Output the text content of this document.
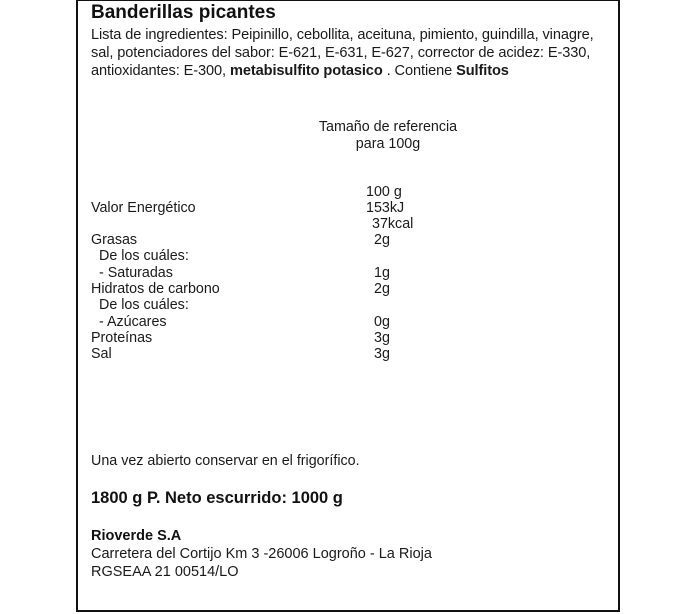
Banderillas picantes
Lista de ingredientes: Peipinillo, cebollita, aceituna, pimiento, guindilla, vinagre,
sal, potenciadores del sabor: E-621, E-631, E-627, corrector de acidez: E-330,
antioxidantes: E-300, metabisulfito potasico . Contiene Sulfitos
Tamaño de referencia
para 100g
100 g
Valor Energético	153kJ
37kcal
Grasas	2g
De los cuáles:
- Saturadas	1g
Hidratos de carbono	2g
De los cuáles:
- Azúcares	0g
Proteínas	3g
Sal	3g
Una vez abierto conservar en el frigorífico.
1800 g P. Neto escurrido: 1000 g
Rioverde S.A
Carretera del Cortijo Km 3 -26006 Logroño - La Rioja
RGSEAA 21 00514/LO
